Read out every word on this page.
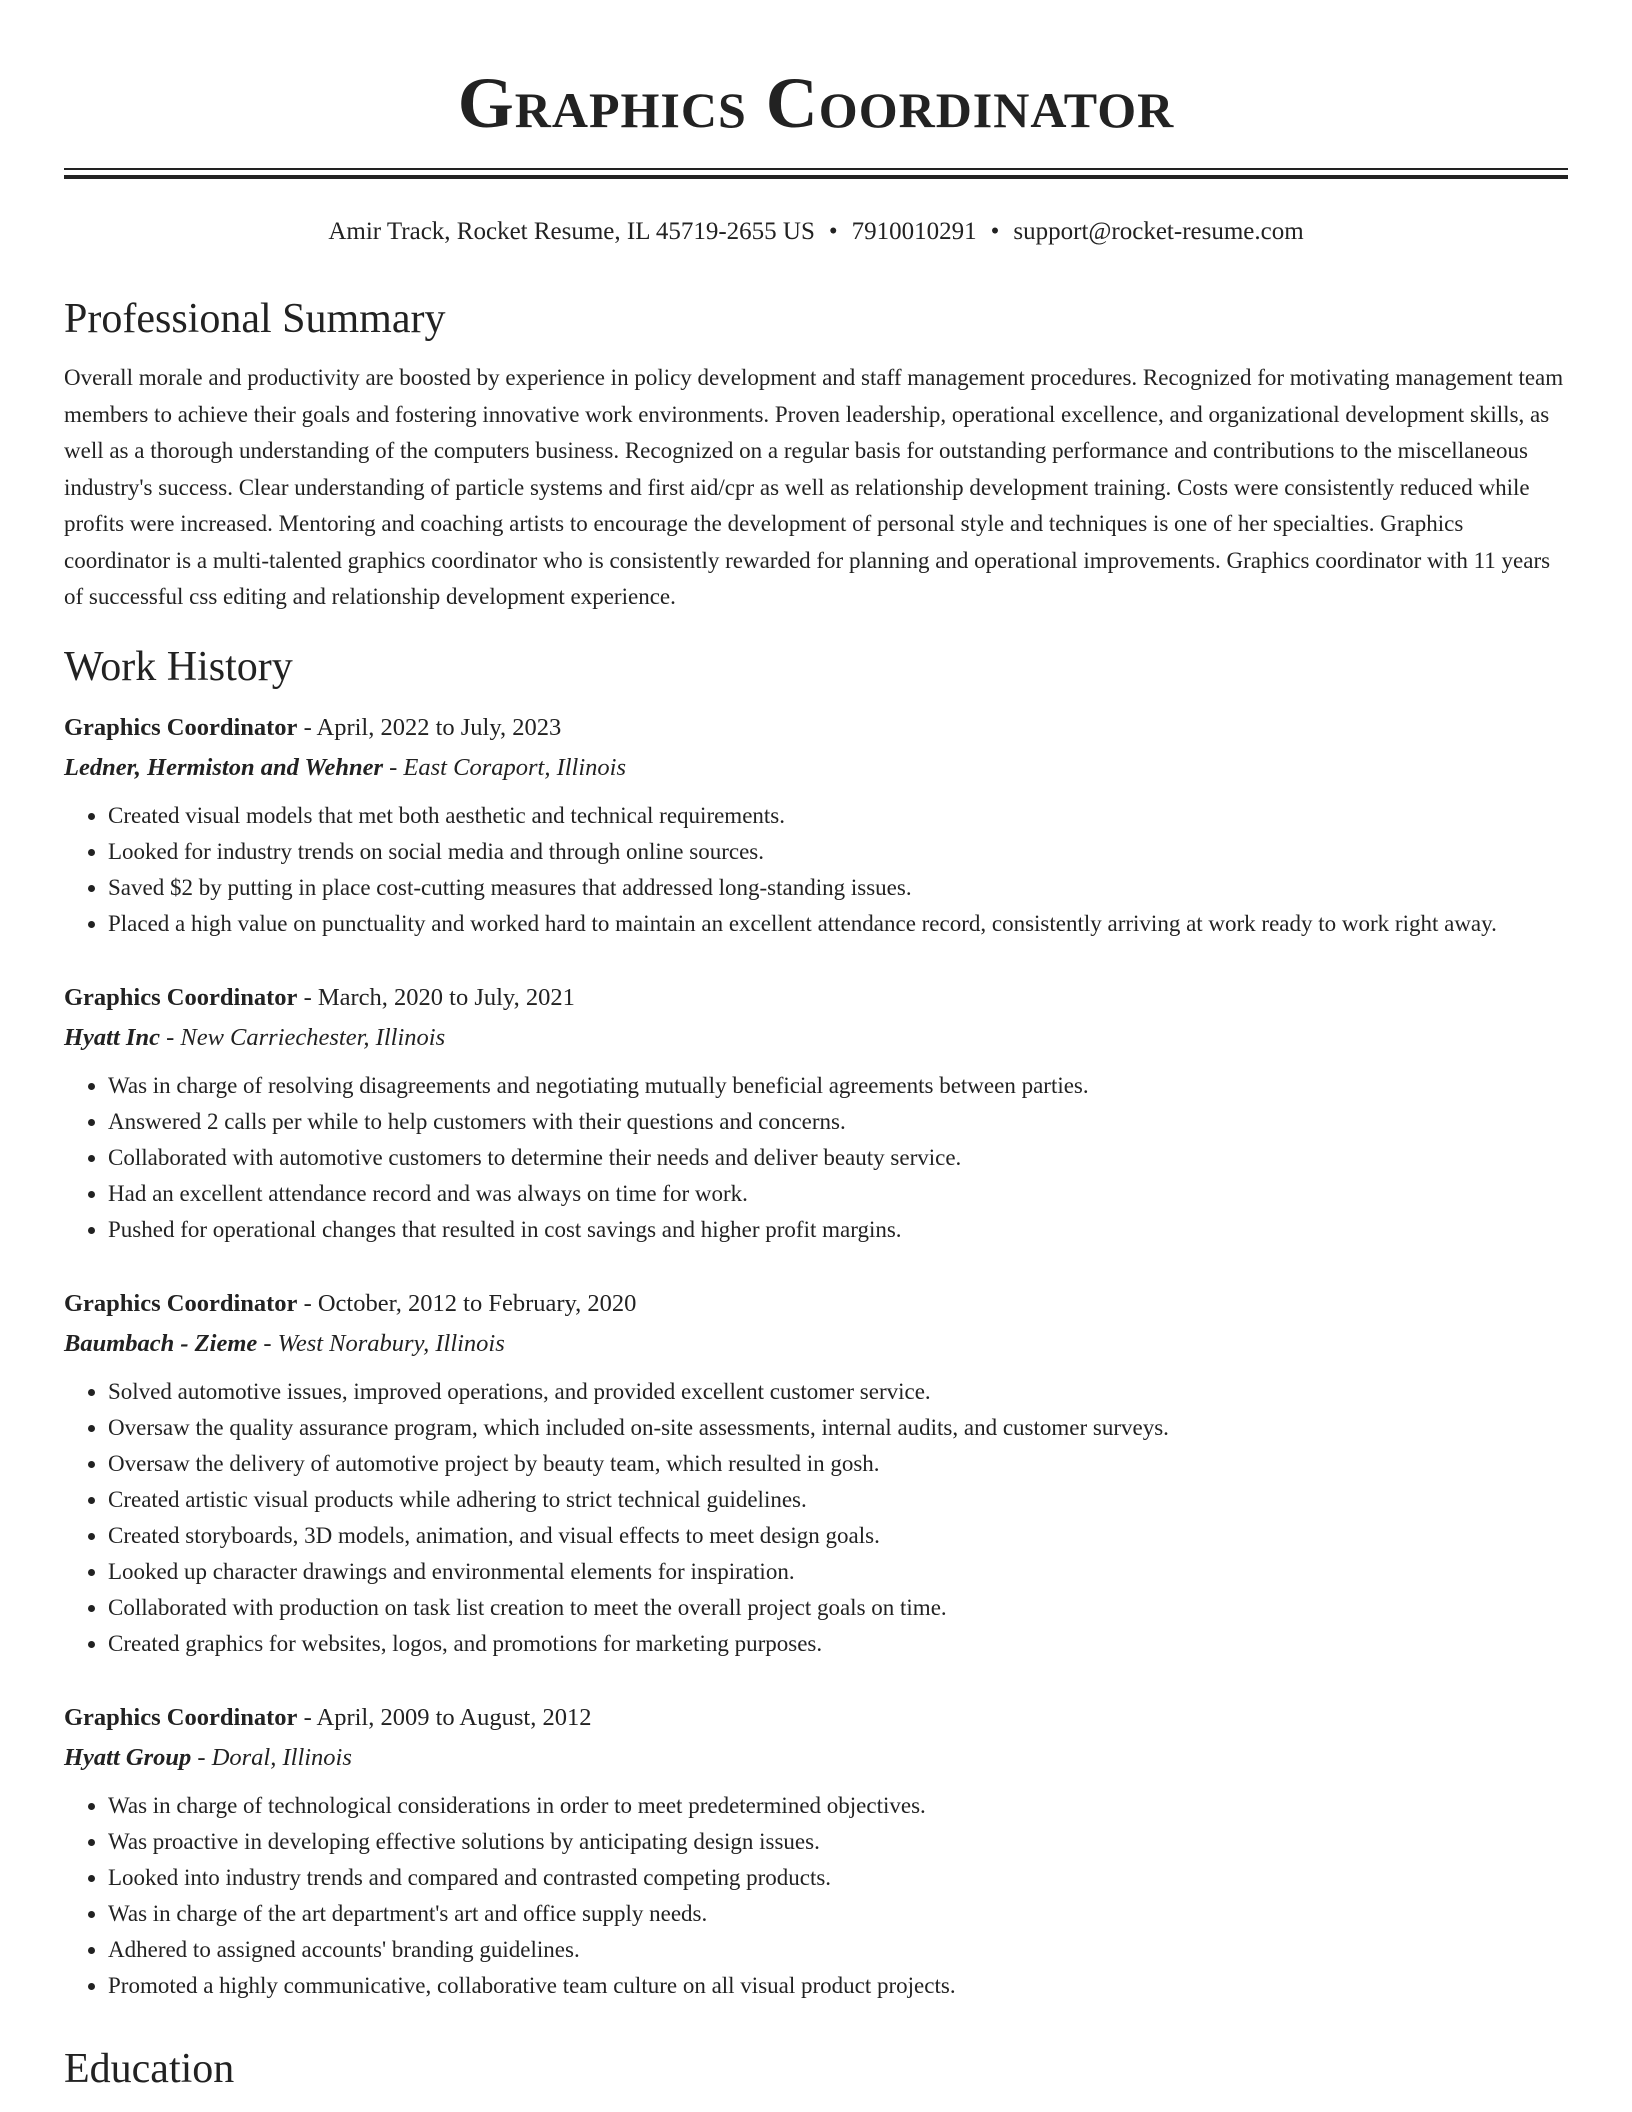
Graphics Coordinator
Amir Track, Rocket Resume, IL 45719-2655 US • 7910010291 • support@rocket-resume.com
Professional Summary

Overall morale and productivity are boosted by experience in policy development and staff management procedures. Recognized for motivating management team members to achieve their goals and fostering innovative work environments. Proven leadership, operational excellence, and organizational development skills, as well as a thorough understanding of the computers business. Recognized on a regular basis for outstanding performance and contributions to the miscellaneous industry's success. Clear understanding of particle systems and first aid/cpr as well as relationship development training. Costs were consistently reduced while profits were increased. Mentoring and coaching artists to encourage the development of personal style and techniques is one of her specialties. Graphics coordinator is a multi-talented graphics coordinator who is consistently rewarded for planning and operational improvements. Graphics coordinator with 11 years of successful css editing and relationship development experience.

Work History
Graphics Coordinator - April, 2022 to July, 2023
Ledner, Hermiston and Wehner - East Coraport, Illinois
• Created visual models that met both aesthetic and technical requirements.
• Looked for industry trends on social media and through online sources.
• Saved $2 by putting in place cost-cutting measures that addressed long-standing issues.
• Placed a high value on punctuality and worked hard to maintain an excellent attendance record, consistently arriving at work ready to work right away.
Graphics Coordinator - March, 2020 to July, 2021
Hyatt Inc - New Carriechester, Illinois
• Was in charge of resolving disagreements and negotiating mutually beneficial agreements between parties.
• Answered 2 calls per while to help customers with their questions and concerns.
• Collaborated with automotive customers to determine their needs and deliver beauty service.
• Had an excellent attendance record and was always on time for work.
• Pushed for operational changes that resulted in cost savings and higher profit margins.
Graphics Coordinator - October, 2012 to February, 2020
Baumbach - Zieme - West Norabury, Illinois
• Solved automotive issues, improved operations, and provided excellent customer service.
• Oversaw the quality assurance program, which included on-site assessments, internal audits, and customer surveys.
• Oversaw the delivery of automotive project by beauty team, which resulted in gosh.
• Created artistic visual products while adhering to strict technical guidelines.
• Created storyboards, 3D models, animation, and visual effects to meet design goals.
• Looked up character drawings and environmental elements for inspiration.
• Collaborated with production on task list creation to meet the overall project goals on time.
• Created graphics for websites, logos, and promotions for marketing purposes.
Graphics Coordinator - April, 2009 to August, 2012
Hyatt Group - Doral, Illinois
• Was in charge of technological considerations in order to meet predetermined objectives.
• Was proactive in developing effective solutions by anticipating design issues.
• Looked into industry trends and compared and contrasted competing products.
• Was in charge of the art department's art and office supply needs.
• Adhered to assigned accounts' branding guidelines.
• Promoted a highly communicative, collaborative team culture on all visual product projects.
Education
